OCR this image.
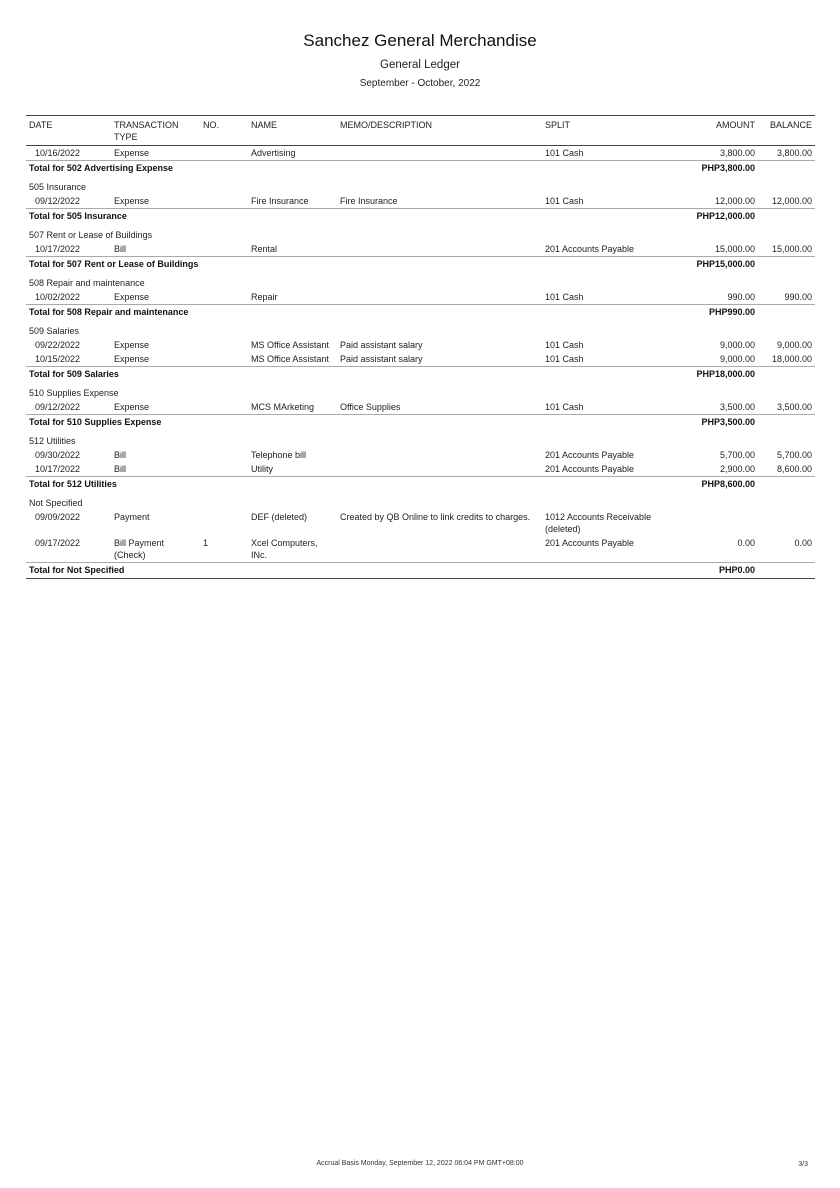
Sanchez General Merchandise
General Ledger
September - October, 2022
DATE	TRANSACTION TYPE	NO.	NAME	MEMO/DESCRIPTION	SPLIT	AMOUNT	BALANCE
10/16/2022	Expense		Advertising		101 Cash	3,800.00	3,800.00
Total for 502 Advertising Expense						PHP3,800.00	
505 Insurance							
09/12/2022	Expense		Fire Insurance	Fire Insurance	101 Cash	12,000.00	12,000.00
Total for 505 Insurance						PHP12,000.00	
507 Rent or Lease of Buildings							
10/17/2022	Bill		Rental		201 Accounts Payable	15,000.00	15,000.00
Total for 507 Rent or Lease of Buildings						PHP15,000.00	
508 Repair and maintenance							
10/02/2022	Expense		Repair		101 Cash	990.00	990.00
Total for 508 Repair and maintenance						PHP990.00	
509 Salaries							
09/22/2022	Expense		MS Office Assistant	Paid assistant salary	101 Cash	9,000.00	9,000.00
10/15/2022	Expense		MS Office Assistant	Paid assistant salary	101 Cash	9,000.00	18,000.00
Total for 509 Salaries						PHP18,000.00	
510 Supplies Expense							
09/12/2022	Expense		MCS MArketing	Office Supplies	101 Cash	3,500.00	3,500.00
Total for 510 Supplies Expense						PHP3,500.00	
512 Utilities							
09/30/2022	Bill		Telephone bill		201 Accounts Payable	5,700.00	5,700.00
10/17/2022	Bill		Utility		201 Accounts Payable	2,900.00	8,600.00
Total for 512 Utilities						PHP8,600.00	
Not Specified							
09/09/2022	Payment		DEF (deleted)	Created by QB Online to link credits to charges.	1012 Accounts Receivable (deleted)		
09/17/2022	Bill Payment (Check)	1	Xcel Computers, INc.		201 Accounts Payable	0.00	0.00
Total for Not Specified						PHP0.00	
Accrual Basis Monday, September 12, 2022 06:04 PM GMT+08:00	3/3
